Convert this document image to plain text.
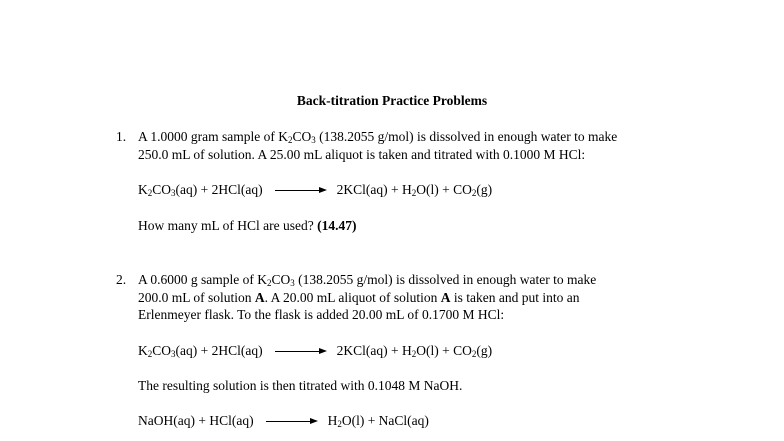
Back-titration Practice Problems
1. A 1.0000 gram sample of $K_2CO_3$ (138.2055 g/mol) is dissolved in enough water to make
250.0 mL of solution. A 25.00 mL aliquot is taken and titrated with 0.1000 M HCl:
$K_2CO_3(aq) + 2HCl(aq)$	$2KCl(aq) + H_2O(l) + CO_2(g)$
How many mL of HCl are used? (14.47)
2. A 0.6000 g sample of $K_2CO_3$ (138.2055 g/mol) is dissolved in enough water to make
200.0 mL of solution A. A 20.00 mL aliquot of solution A is taken and put into an
Erlenmeyer flask. To the flask is added 20.00 mL of 0.1700 M HCl:
$K_2CO_3(aq) + 2HCl(aq)$	$2KCl(aq) + H_2O(l) + CO_2(g)$
The resulting solution is then titrated with 0.1048 M NaOH.
NaOH(aq) + HCl(aq)	$H_2O(l)$ + NaCl(aq)
